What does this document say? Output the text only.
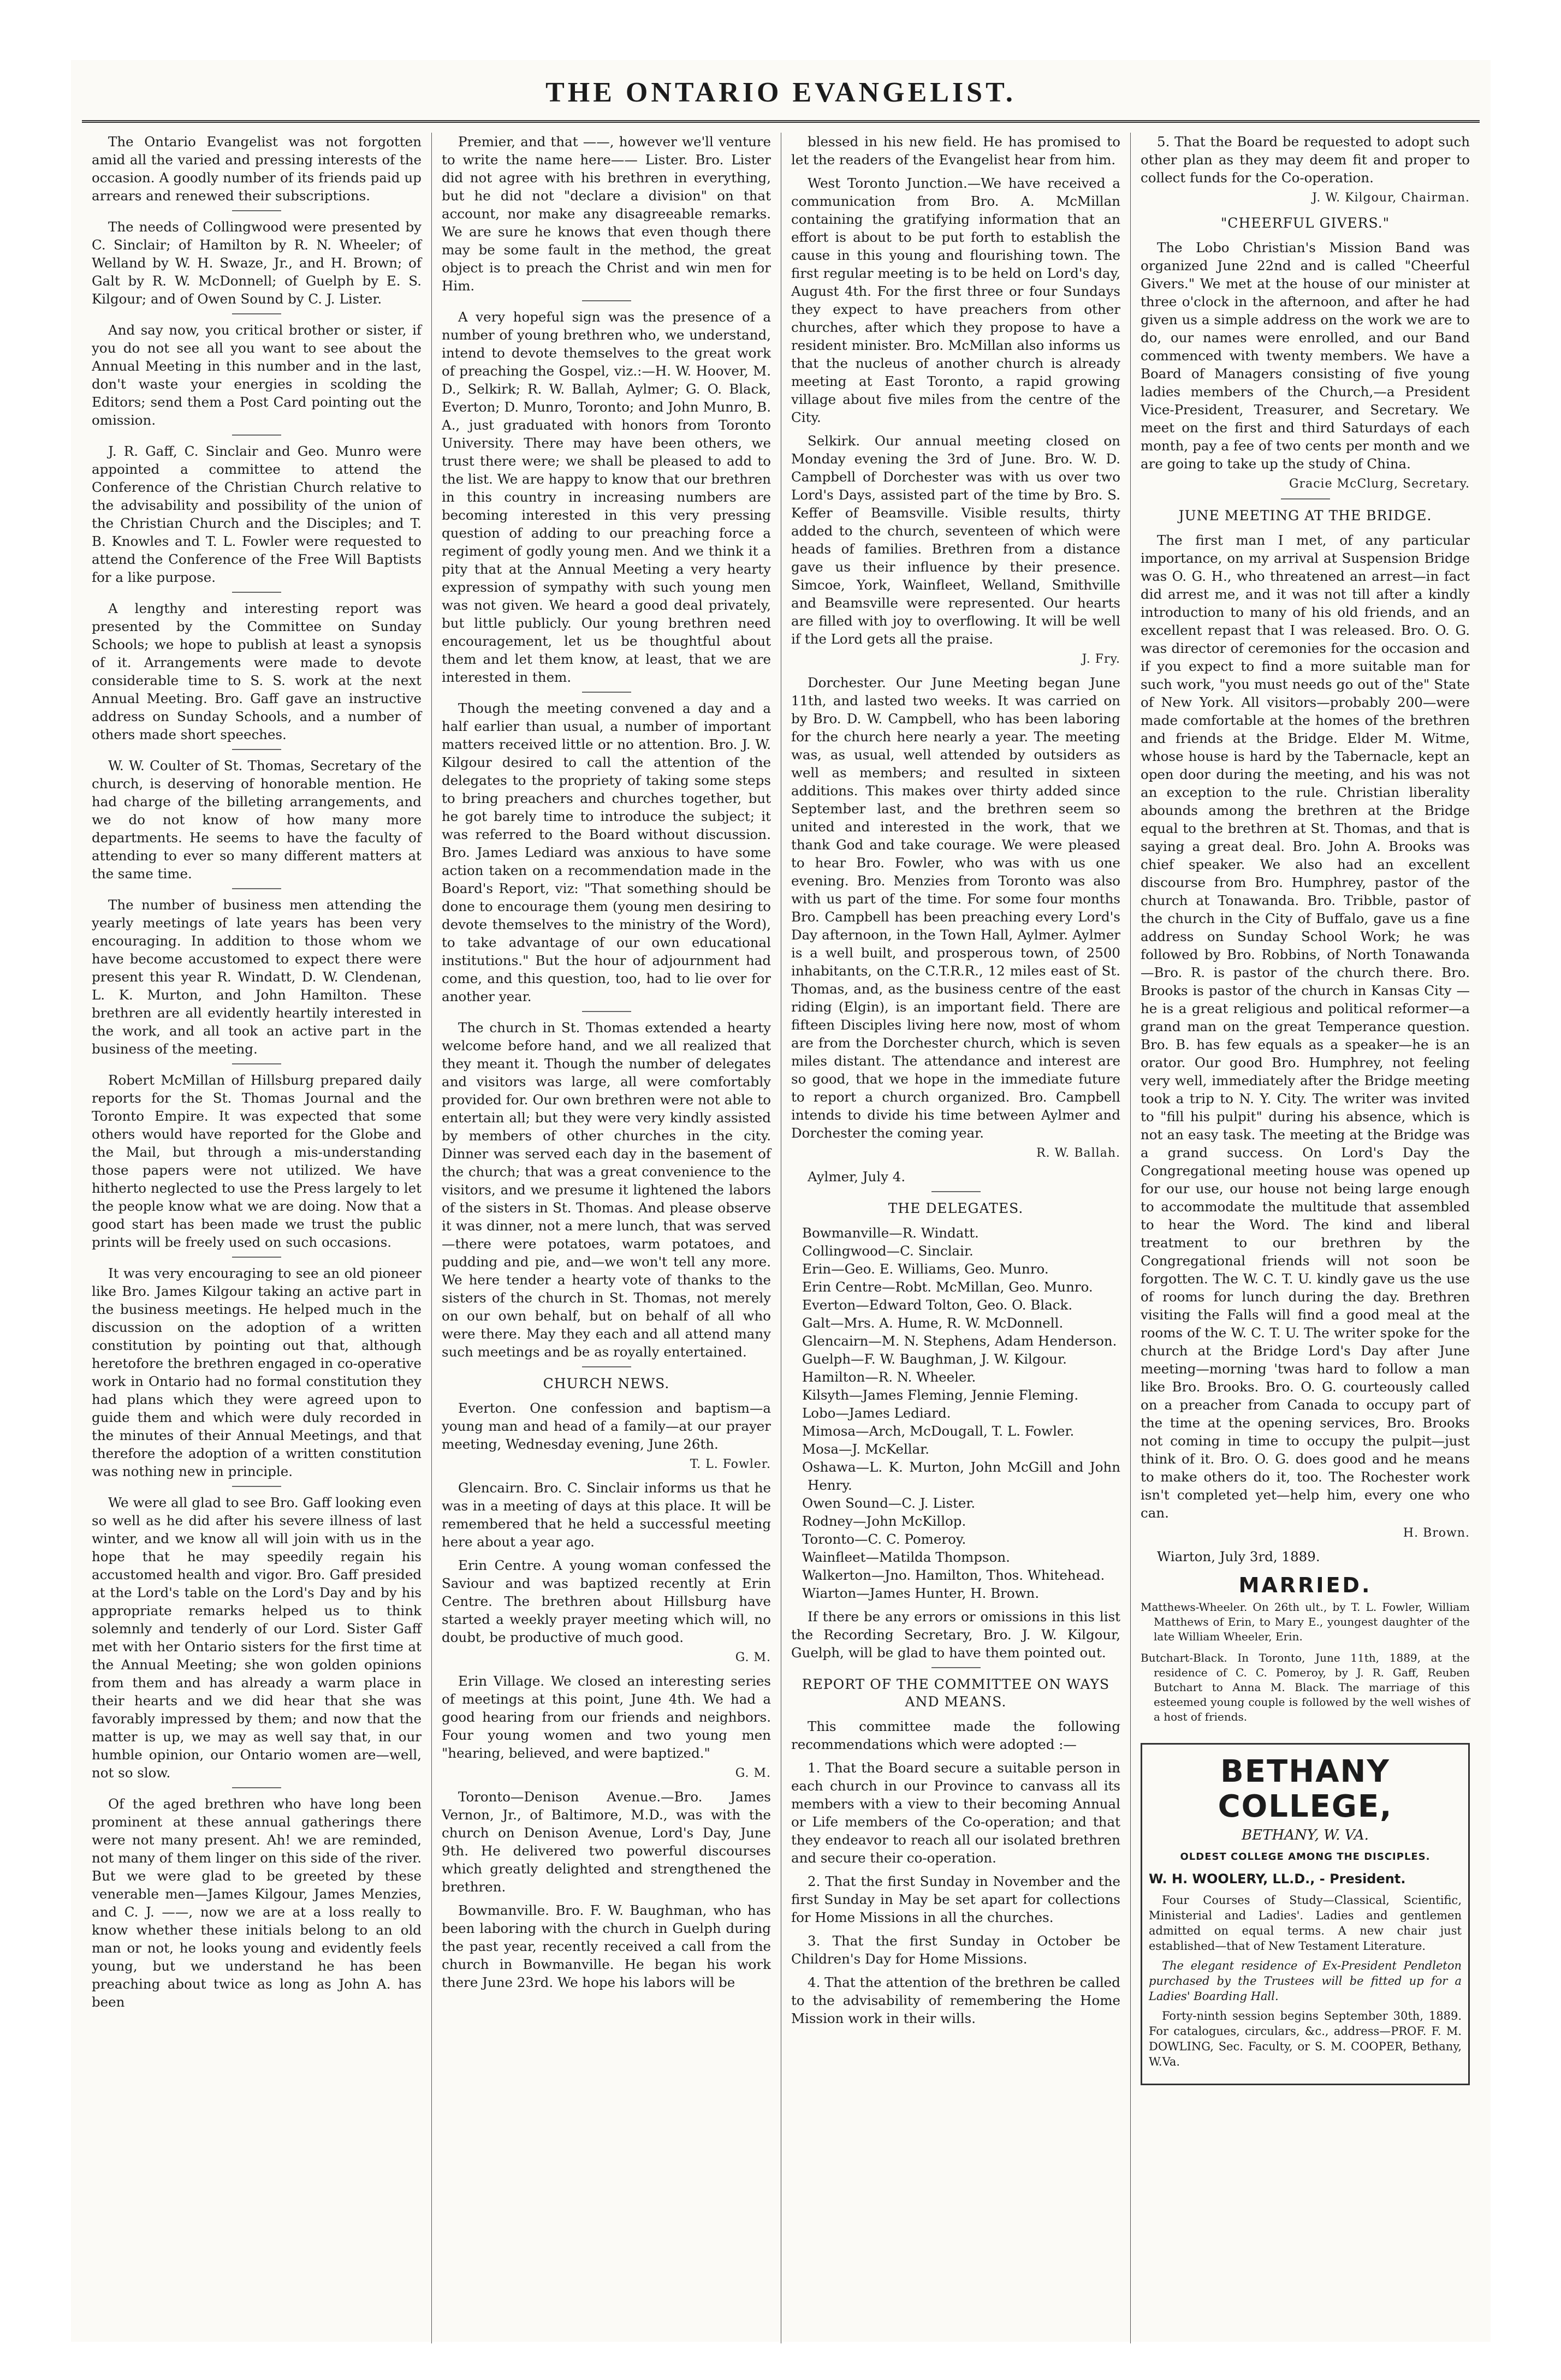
THE ONTARIO EVANGELIST.

The Ontario Evangelist was not forgotten amid all the varied and pressing interests of the occasion. A goodly number of its friends paid up arrears and renewed their subscriptions.

The needs of Collingwood were presented by C. Sinclair; of Hamilton by R. N. Wheeler; of Welland by W. H. Swaze, Jr., and H. Brown; of Galt by R. W. McDonnell; of Guelph by E. S. Kilgour; and of Owen Sound by C. J. Lister.

And say now, you critical brother or sister, if you do not see all you want to see about the Annual Meeting in this number and in the last, don't waste your energies in scolding the Editors; send them a Post Card pointing out the omission.

J. R. Gaff, C. Sinclair and Geo. Munro were appointed a committee to attend the Conference of the Christian Church relative to the advisability and possibility of the union of the Christian Church and the Disciples; and T. B. Knowles and T. L. Fowler were requested to attend the Conference of the Free Will Baptists for a like purpose.

A lengthy and interesting report was presented by the Committee on Sunday Schools; we hope to publish at least a synopsis of it. Arrangements were made to devote considerable time to S. S. work at the next Annual Meeting. Bro. Gaff gave an instructive address on Sunday Schools, and a number of others made short speeches.

W. W. Coulter of St. Thomas, Secretary of the church, is deserving of honorable mention. He had charge of the billeting arrangements, and we do not know of how many more departments. He seems to have the faculty of attending to ever so many different matters at the same time.

The number of business men attending the yearly meetings of late years has been very encouraging. In addition to those whom we have become accustomed to expect there were present this year R. Windatt, D. W. Clendenan, L. K. Murton, and John Hamilton. These brethren are all evidently heartily interested in the work, and all took an active part in the business of the meeting.

Robert McMillan of Hillsburg prepared daily reports for the St. Thomas Journal and the Toronto Empire. It was expected that some others would have reported for the Globe and the Mail, but through a mis-understanding those papers were not utilized. We have hitherto neglected to use the Press largely to let the people know what we are doing. Now that a good start has been made we trust the public prints will be freely used on such occasions.

It was very encouraging to see an old pioneer like Bro. James Kilgour taking an active part in the business meetings. He helped much in the discussion on the adoption of a written constitution by pointing out that, although heretofore the brethren engaged in co-operative work in Ontario had no formal constitution they had plans which they were agreed upon to guide them and which were duly recorded in the minutes of their Annual Meetings, and that therefore the adoption of a written constitution was nothing new in principle.

We were all glad to see Bro. Gaff looking even so well as he did after his severe illness of last winter, and we know all will join with us in the hope that he may speedily regain his accustomed health and vigor. Bro. Gaff presided at the Lord's table on the Lord's Day and by his appropriate remarks helped us to think solemnly and tenderly of our Lord. Sister Gaff met with her Ontario sisters for the first time at the Annual Meeting; she won golden opinions from them and has already a warm place in their hearts and we did hear that she was favorably impressed by them; and now that the matter is up, we may as well say that, in our humble opinion, our Ontario women are—well, not so slow.

Of the aged brethren who have long been prominent at these annual gatherings there were not many present. Ah! we are reminded, not many of them linger on this side of the river. But we were glad to be greeted by these venerable men—James Kilgour, James Menzies, and C. J. ——, now we are at a loss really to know whether these initials belong to an old man or not, he looks young and evidently feels young, but we understand he has been preaching about twice as long as John A. has been

Premier, and that ——, however we'll venture to write the name here—— Lister. Bro. Lister did not agree with his brethren in everything, but he did not "declare a division" on that account, nor make any disagreeable remarks. We are sure he knows that even though there may be some fault in the method, the great object is to preach the Christ and win men for Him.

A very hopeful sign was the presence of a number of young brethren who, we understand, intend to devote themselves to the great work of preaching the Gospel, viz.:—H. W. Hoover, M. D., Selkirk; R. W. Ballah, Aylmer; G. O. Black, Everton; D. Munro, Toronto; and John Munro, B. A., just graduated with honors from Toronto University. There may have been others, we trust there were; we shall be pleased to add to the list. We are happy to know that our brethren in this country in increasing numbers are becoming interested in this very pressing question of adding to our preaching force a regiment of godly young men. And we think it a pity that at the Annual Meeting a very hearty expression of sympathy with such young men was not given. We heard a good deal privately, but little publicly. Our young brethren need encouragement, let us be thoughtful about them and let them know, at least, that we are interested in them.

Though the meeting convened a day and a half earlier than usual, a number of important matters received little or no attention. Bro. J. W. Kilgour desired to call the attention of the delegates to the propriety of taking some steps to bring preachers and churches together, but he got barely time to introduce the subject; it was referred to the Board without discussion. Bro. James Lediard was anxious to have some action taken on a recommendation made in the Board's Report, viz: "That something should be done to encourage them (young men desiring to devote themselves to the ministry of the Word), to take advantage of our own educational institutions." But the hour of adjournment had come, and this question, too, had to lie over for another year.

The church in St. Thomas extended a hearty welcome before hand, and we all realized that they meant it. Though the number of delegates and visitors was large, all were comfortably provided for. Our own brethren were not able to entertain all; but they were very kindly assisted by members of other churches in the city. Dinner was served each day in the basement of the church; that was a great convenience to the visitors, and we presume it lightened the labors of the sisters in St. Thomas. And please observe it was dinner, not a mere lunch, that was served —there were potatoes, warm potatoes, and pudding and pie, and—we won't tell any more. We here tender a hearty vote of thanks to the sisters of the church in St. Thomas, not merely on our own behalf, but on behalf of all who were there. May they each and all attend many such meetings and be as royally entertained.

CHURCH NEWS.

Everton. One confession and baptism—a young man and head of a family—at our prayer meeting, Wednesday evening, June 26th.

T. L. Fowler.

Glencairn. Bro. C. Sinclair informs us that he was in a meeting of days at this place. It will be remembered that he held a successful meeting here about a year ago.

Erin Centre. A young woman confessed the Saviour and was baptized recently at Erin Centre. The brethren about Hillsburg have started a weekly prayer meeting which will, no doubt, be productive of much good.

G. M.

Erin Village. We closed an interesting series of meetings at this point, June 4th. We had a good hearing from our friends and neighbors. Four young women and two young men "hearing, believed, and were baptized."

G. M.

Toronto—Denison Avenue.—Bro. James Vernon, Jr., of Baltimore, M.D., was with the church on Denison Avenue, Lord's Day, June 9th. He delivered two powerful discourses which greatly delighted and strengthened the brethren.

Bowmanville. Bro. F. W. Baughman, who has been laboring with the church in Guelph during the past year, recently received a call from the church in Bowmanville. He began his work there June 23rd. We hope his labors will be

blessed in his new field. He has promised to let the readers of the Evangelist hear from him.

West Toronto Junction.—We have received a communication from Bro. A. McMillan containing the gratifying information that an effort is about to be put forth to establish the cause in this young and flourishing town. The first regular meeting is to be held on Lord's day, August 4th. For the first three or four Sundays they expect to have preachers from other churches, after which they propose to have a resident minister. Bro. McMillan also informs us that the nucleus of another church is already meeting at East Toronto, a rapid growing village about five miles from the centre of the City.

Selkirk. Our annual meeting closed on Monday evening the 3rd of June. Bro. W. D. Campbell of Dorchester was with us over two Lord's Days, assisted part of the time by Bro. S. Keffer of Beamsville. Visible results, thirty added to the church, seventeen of which were heads of families. Brethren from a distance gave us their influence by their presence. Simcoe, York, Wainfleet, Welland, Smithville and Beamsville were represented. Our hearts are filled with joy to overflowing. It will be well if the Lord gets all the praise.

J. Fry.

Dorchester. Our June Meeting began June 11th, and lasted two weeks. It was carried on by Bro. D. W. Campbell, who has been laboring for the church here nearly a year. The meeting was, as usual, well attended by outsiders as well as members; and resulted in sixteen additions. This makes over thirty added since September last, and the brethren seem so united and interested in the work, that we thank God and take courage. We were pleased to hear Bro. Fowler, who was with us one evening. Bro. Menzies from Toronto was also with us part of the time. For some four months Bro. Campbell has been preaching every Lord's Day afternoon, in the Town Hall, Aylmer. Aylmer is a well built, and prosperous town, of 2500 inhabitants, on the C.T.R.R., 12 miles east of St. Thomas, and, as the business centre of the east riding (Elgin), is an important field. There are fifteen Disciples living here now, most of whom are from the Dorchester church, which is seven miles distant. The attendance and interest are so good, that we hope in the immediate future to report a church organized. Bro. Campbell intends to divide his time between Aylmer and Dorchester the coming year.

R. W. Ballah.

Aylmer, July 4.

THE DELEGATES.
Bowmanville—R. Windatt.
Collingwood—C. Sinclair.
Erin—Geo. E. Williams, Geo. Munro.
Erin Centre—Robt. McMillan, Geo. Munro.
Everton—Edward Tolton, Geo. O. Black.
Galt—Mrs. A. Hume, R. W. McDonnell.
Glencairn—M. N. Stephens, Adam Henderson.
Guelph—F. W. Baughman, J. W. Kilgour.
Hamilton—R. N. Wheeler.
Kilsyth—James Fleming, Jennie Fleming.
Lobo—James Lediard.
Mimosa—Arch, McDougall, T. L. Fowler.
Mosa—J. McKellar.
Oshawa—L. K. Murton, John McGill and John Henry.
Owen Sound—C. J. Lister.
Rodney—John McKillop.
Toronto—C. C. Pomeroy.
Wainfleet—Matilda Thompson.
Walkerton—Jno. Hamilton, Thos. Whitehead.
Wiarton—James Hunter, H. Brown.

If there be any errors or omissions in this list the Recording Secretary, Bro. J. W. Kilgour, Guelph, will be glad to have them pointed out.

REPORT OF THE COMMITTEE ON WAYS AND MEANS.

This committee made the following recommendations which were adopted :—

1. That the Board secure a suitable person in each church in our Province to canvass all its members with a view to their becoming Annual or Life members of the Co-operation; and that they endeavor to reach all our isolated brethren and secure their co-operation.

2. That the first Sunday in November and the first Sunday in May be set apart for collections for Home Missions in all the churches.

3. That the first Sunday in October be Children's Day for Home Missions.

4. That the attention of the brethren be called to the advisability of remembering the Home Mission work in their wills.

5. That the Board be requested to adopt such other plan as they may deem fit and proper to collect funds for the Co-operation.

J. W. Kilgour, Chairman.
"CHEERFUL GIVERS."

The Lobo Christian's Mission Band was organized June 22nd and is called "Cheerful Givers." We met at the house of our minister at three o'clock in the afternoon, and after he had given us a simple address on the work we are to do, our names were enrolled, and our Band commenced with twenty members. We have a Board of Managers consisting of five young ladies members of the Church,—a President Vice-President, Treasurer, and Secretary. We meet on the first and third Saturdays of each month, pay a fee of two cents per month and we are going to take up the study of China.

Gracie McClurg, Secretary.
JUNE MEETING AT THE BRIDGE.

The first man I met, of any particular importance, on my arrival at Suspension Bridge was O. G. H., who threatened an arrest—in fact did arrest me, and it was not till after a kindly introduction to many of his old friends, and an excellent repast that I was released. Bro. O. G. was director of ceremonies for the occasion and if you expect to find a more suitable man for such work, "you must needs go out of the" State of New York. All visitors—probably 200—were made comfortable at the homes of the brethren and friends at the Bridge. Elder M. Witme, whose house is hard by the Tabernacle, kept an open door during the meeting, and his was not an exception to the rule. Christian liberality abounds among the brethren at the Bridge equal to the brethren at St. Thomas, and that is saying a great deal. Bro. John A. Brooks was chief speaker. We also had an excellent discourse from Bro. Humphrey, pastor of the church at Tonawanda. Bro. Tribble, pastor of the church in the City of Buffalo, gave us a fine address on Sunday School Work; he was followed by Bro. Robbins, of North Tonawanda —Bro. R. is pastor of the church there. Bro. Brooks is pastor of the church in Kansas City —he is a great religious and political reformer—a grand man on the great Temperance question. Bro. B. has few equals as a speaker—he is an orator. Our good Bro. Humphrey, not feeling very well, immediately after the Bridge meeting took a trip to N. Y. City. The writer was invited to "fill his pulpit" during his absence, which is not an easy task. The meeting at the Bridge was a grand success. On Lord's Day the Congregational meeting house was opened up for our use, our house not being large enough to accommodate the multitude that assembled to hear the Word. The kind and liberal treatment to our brethren by the Congregational friends will not soon be forgotten. The W. C. T. U. kindly gave us the use of rooms for lunch during the day. Brethren visiting the Falls will find a good meal at the rooms of the W. C. T. U. The writer spoke for the church at the Bridge Lord's Day after June meeting—morning 'twas hard to follow a man like Bro. Brooks. Bro. O. G. courteously called on a preacher from Canada to occupy part of the time at the opening services, Bro. Brooks not coming in time to occupy the pulpit—just think of it. Bro. O. G. does good and he means to make others do it, too. The Rochester work isn't completed yet—help him, every one who can.

H. Brown.

Wiarton, July 3rd, 1889.

MARRIED.
Matthews-Wheeler. On 26th ult., by T. L. Fowler, William Matthews of Erin, to Mary E., youngest daughter of the late William Wheeler, Erin.
Butchart-Black. In Toronto, June 11th, 1889, at the residence of C. C. Pomeroy, by J. R. Gaff, Reuben Butchart to Anna M. Black. The marriage of this esteemed young couple is followed by the well wishes of a host of friends.
BETHANY COLLEGE,
BETHANY, W. VA.
OLDEST COLLEGE AMONG THE DISCIPLES.
W. H. WOOLERY, LL.D., - President.

Four Courses of Study—Classical, Scientific, Ministerial and Ladies'. Ladies and gentlemen admitted on equal terms. A new chair just established—that of New Testament Literature.

The elegant residence of Ex-President Pendleton purchased by the Trustees will be fitted up for a Ladies' Boarding Hall.

Forty-ninth session begins September 30th, 1889. For catalogues, circulars, &c., address—PROF. F. M. DOWLING, Sec. Faculty, or S. M. COOPER, Bethany, W.Va.
